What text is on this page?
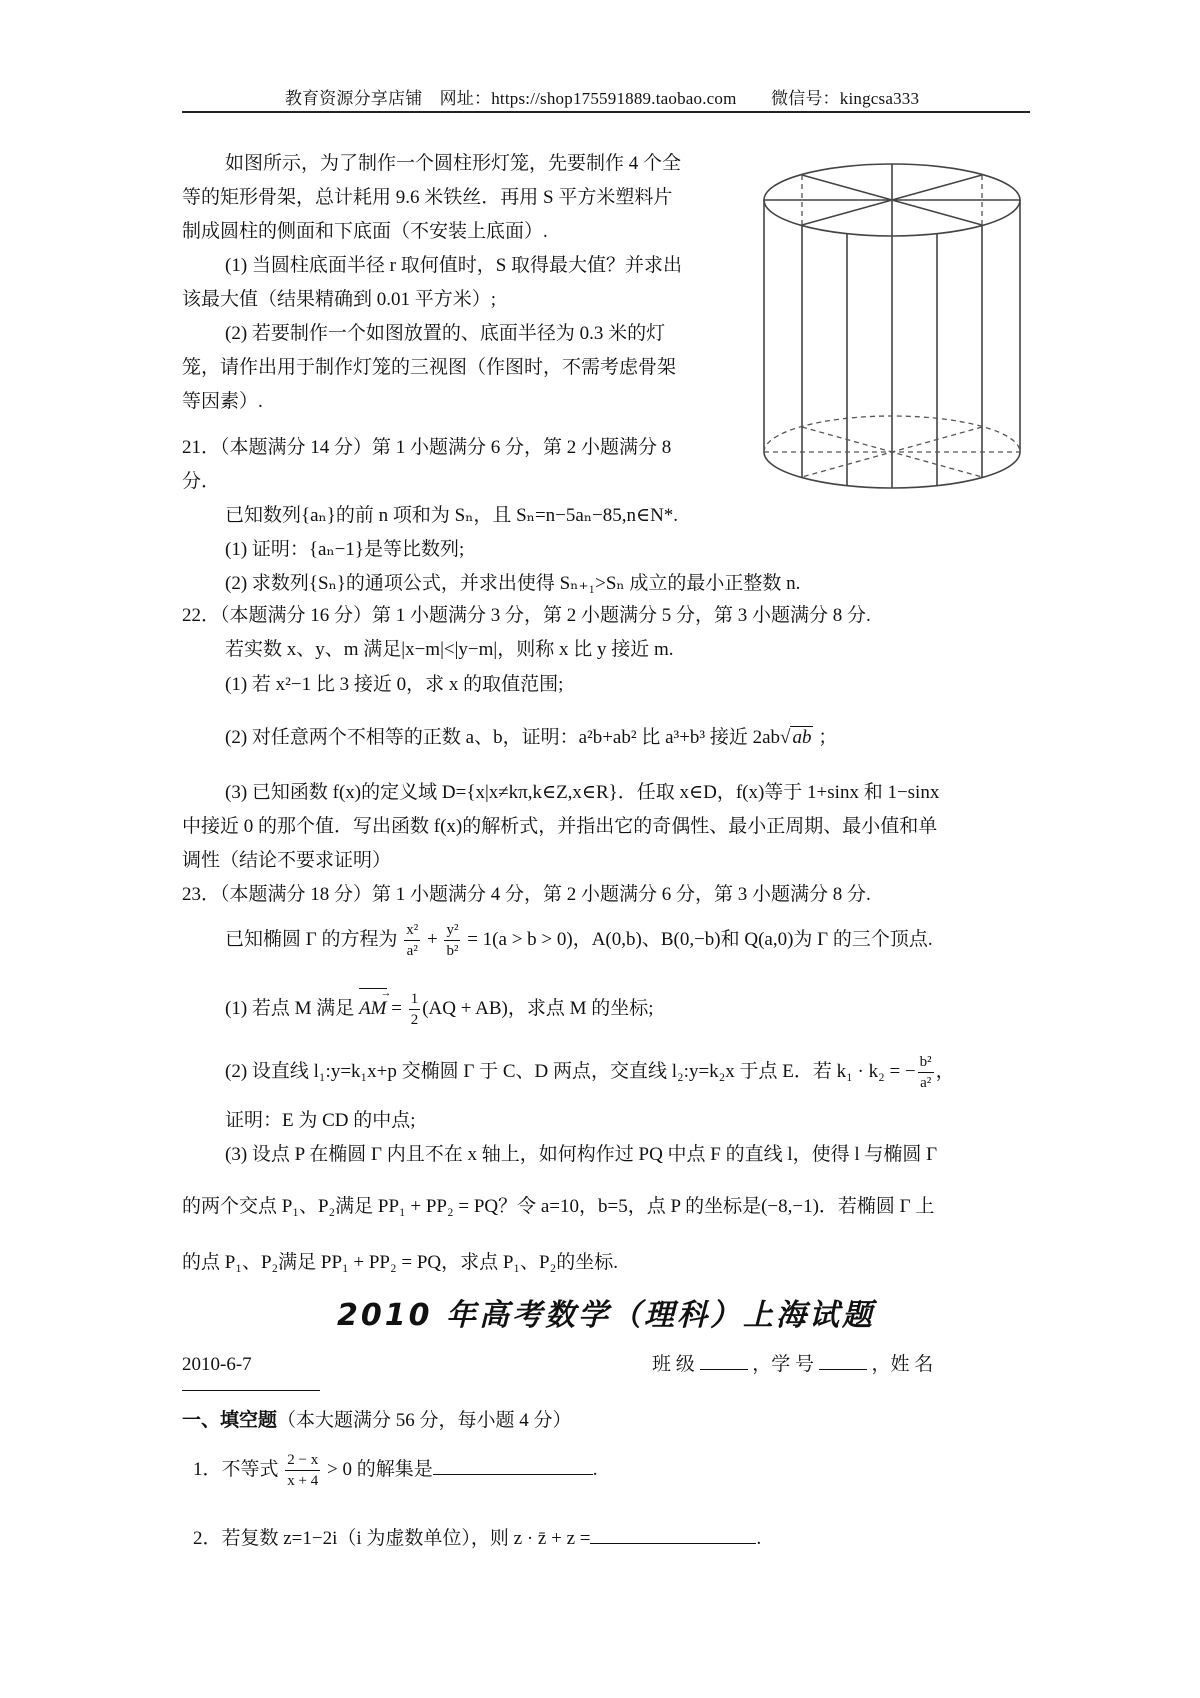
教育资源分享店铺　网址：https://shop175591889.taobao.com　　微信号：kingcsa333
如图所示，为了制作一个圆柱形灯笼，先要制作 4 个全
等的矩形骨架，总计耗用 9.6 米铁丝．再用 S 平方米塑料片
制成圆柱的侧面和下底面（不安装上底面）.
(1) 当圆柱底面半径 r 取何值时，S 取得最大值？并求出
该最大值（结果精确到 0.01 平方米）;
(2) 若要制作一个如图放置的、底面半径为 0.3 米的灯
笼，请作出用于制作灯笼的三视图（作图时，不需考虑骨架
等因素）.
21．（本题满分 14 分）第 1 小题满分 6 分，第 2 小题满分 8
分．
已知数列{aₙ}的前 n 项和为 Sₙ，且 Sₙ=n−5aₙ−85,n∈N*.
(1) 证明：{aₙ−1}是等比数列;
(2) 求数列{Sₙ}的通项公式，并求出使得 Sₙ₊₁>Sₙ 成立的最小正整数 n.
22．（本题满分 16 分）第 1 小题满分 3 分，第 2 小题满分 5 分，第 3 小题满分 8 分.
若实数 x、y、m 满足|x−m|<|y−m|，则称 x 比 y 接近 m.
(1) 若 x²−1 比 3 接近 0，求 x 的取值范围;
(2) 对任意两个不相等的正数 a、b，证明：a²b+ab² 比 a³+b³ 接近 2ab√ ab ；
(3) 已知函数 f(x)的定义域 D={x|x≠kπ,k∈Z,x∈R}．任取 x∈D，f(x)等于 1+sinx 和 1−sinx
中接近 0 的那个值．写出函数 f(x)的解析式，并指出它的奇偶性、最小正周期、最小值和单
调性（结论不要求证明）
23．（本题满分 18 分）第 1 小题满分 4 分，第 2 小题满分 6 分，第 3 小题满分 8 分.
已知椭圆 Γ 的方程为 $\frac{\text{x²}}{\text{a²}} + \frac{\text{y²}}{\text{b²}} = 1(a > b > 0)$，A(0,b)、B(0,−b)和 Q(a,0)为 Γ 的三个顶点.
(1) 若点 M 满足 AM → = $\frac{1}{2} (AQ + AB)$，求点 M 的坐标;
(2) 设直线 l₁:y=k₁x+p 交椭圆 Γ 于 C、D 两点，交直线 l₂:y=k₂x 于点 E．若 k₁ · k₂ = − $\frac{\text{b²}}{\text{a²}}$ ，
证明：E 为 CD 的中点;
(3) 设点 P 在椭圆 Γ 内且不在 x 轴上，如何构作过 PQ 中点 F 的直线 l，使得 l 与椭圆 Γ
的两个交点 P₁、P₂满足 PP₁ + PP₂ = PQ？令 a=10，b=5，点 P 的坐标是(−8,−1)．若椭圆 Γ 上
的点 P₁、P₂满足 PP₁ + PP₂ = PQ，求点 P₁、P₂的坐标.
2010 年高考数学（理科）上海试题
2010-6-7	班 级	，学 号	，姓 名
一、填空题（本大题满分 56 分，每小题 4 分）
1．不等式 $\frac{2 - x}{x + 4} > 0$ 的解集是	.
2．若复数 z=1−2i（i 为虚数单位），则 z · z̄ + z =	.
